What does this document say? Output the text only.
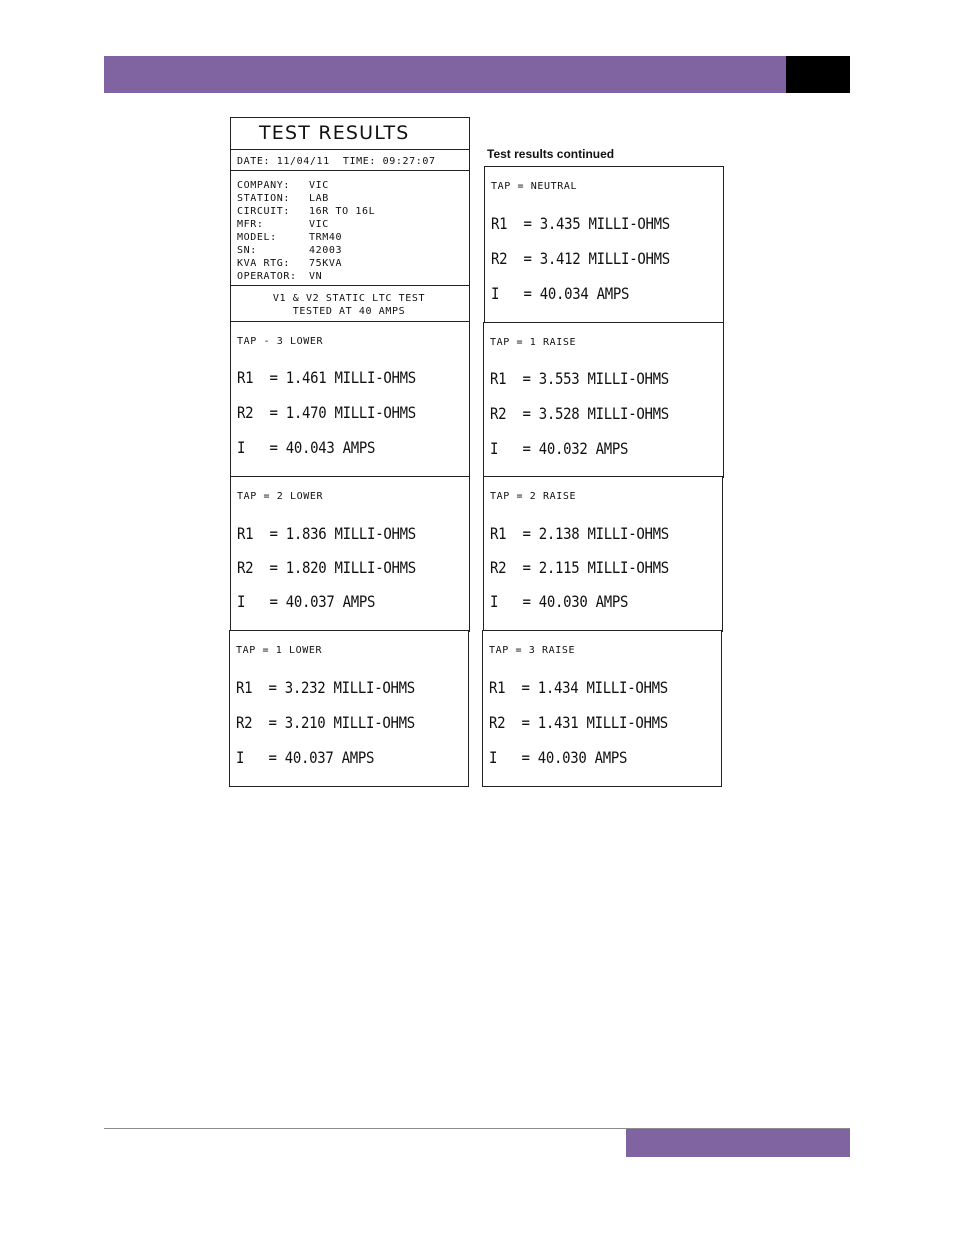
Test results continued
TEST RESULTS
DATE: 11/04/11  TIME: 09:27:07
COMPANY: VIC
STATION: LAB
CIRCUIT: 16R TO 16L
MFR:	VIC
MODEL:	TRM40
SN:	42003
KVA RTG: 75KVA
OPERATOR: VN
V1 & V2 STATIC LTC TEST
TESTED AT 40 AMPS
TAP - 3 LOWER
R1  = 1.461 MILLI-OHMS
R2  = 1.470 MILLI-OHMS
I   = 40.043 AMPS
TAP = 2 LOWER
R1  = 1.836 MILLI-OHMS
R2  = 1.820 MILLI-OHMS
I   = 40.037 AMPS
TAP = 1 LOWER
R1  = 3.232 MILLI-OHMS
R2  = 3.210 MILLI-OHMS
I   = 40.037 AMPS
TAP = NEUTRAL
R1  = 3.435 MILLI-OHMS
R2  = 3.412 MILLI-OHMS
I   = 40.034 AMPS
TAP = 1 RAISE
R1  = 3.553 MILLI-OHMS
R2  = 3.528 MILLI-OHMS
I   = 40.032 AMPS
TAP = 2 RAISE
R1  = 2.138 MILLI-OHMS
R2  = 2.115 MILLI-OHMS
I   = 40.030 AMPS
TAP = 3 RAISE
R1  = 1.434 MILLI-OHMS
R2  = 1.431 MILLI-OHMS
I   = 40.030 AMPS
